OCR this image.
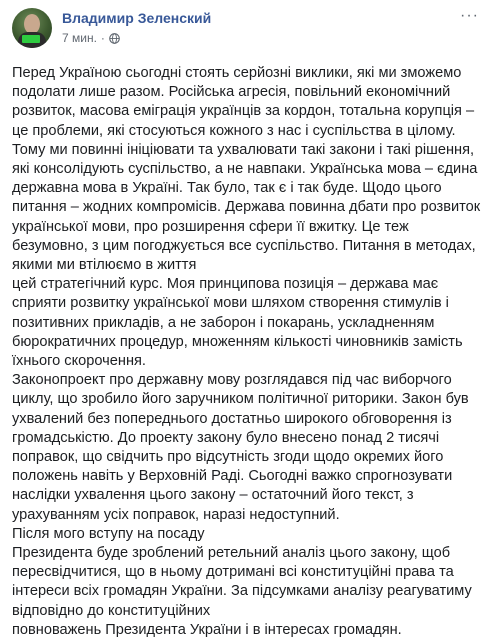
Владимир Зеленский
7 мин. ·
···
Перед Україною сьогодні стоять серйозні виклики, які ми зможемо подолати лише разом. Російська агресія, повільний економічний розвиток, масова еміграція українців за кордон, тотальна корупція – це проблеми, які стосуються кожного з нас і суспільства в цілому. Тому ми повинні ініціювати та ухвалювати такі закони і такі рішення, які консолідують суспільство, а не навпаки. Українська мова – єдина державна мова в Україні. Так було, так є і так буде. Щодо цього питання – жодних компромісів. Держава повинна дбати про розвиток української мови, про розширення сфери її вжитку. Це теж безумовно, з цим погоджується все суспільство. Питання в методах, якими ми втілюємо в життя
цей стратегічний курс. Моя принципова позиція – держава має сприяти розвитку української мови шляхом створення стимулів і позитивних прикладів, а не заборон і покарань, ускладненням бюрократичних процедур, множенням кількості чиновників замість їхнього скорочення.
Законопроект про державну мову розглядався під час виборчого циклу, що зробило його заручником політичної риторики. Закон був ухвалений без попереднього достатньо широкого обговорення із громадськістю. До проекту закону було внесено понад 2 тисячі поправок, що свідчить про відсутність згоди щодо окремих його положень навіть у Верховній Раді. Сьогодні важко спрогнозувати наслідки ухвалення цього закону – остаточний його текст, з урахуванням усіх поправок, наразі недоступний.
Після мого вступу на посаду
Президента буде зроблений ретельний аналіз цього закону, щоб пересвідчитися, що в ньому дотримані всі конституційні права та інтереси всіх громадян України. За підсумками аналізу реагуватиму відповідно до конституційних
повноважень Президента України і в інтересах громадян.
